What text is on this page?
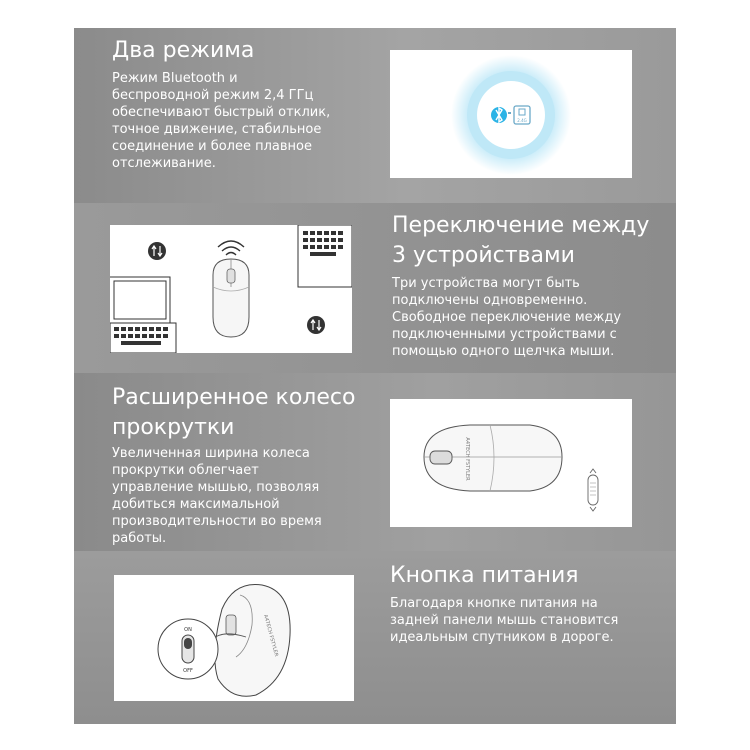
Два режима

Режим Bluetooth и
беспроводной режим 2,4 ГГц
обеспечивают быстрый отклик,
точное движение, стабильное
соединение и более плавное
отслеживание.

2.4G
Переключение между
3 устройствами

Три устройства могут быть
подключены одновременно.
Свободное переключение между
подключенными устройствами с
помощью одного щелчка мыши.

Расширенное колесо
прокрутки

Увеличенная ширина колеса
прокрутки облегчает
управление мышью, позволяя
добиться максимальной
производительности во время
работы.

A4TECH FSTYLER
A4TECH FSTYLER
ON
OFF
Кнопка питания

Благодаря кнопке питания на
задней панели мышь становится
идеальным спутником в дороге.
